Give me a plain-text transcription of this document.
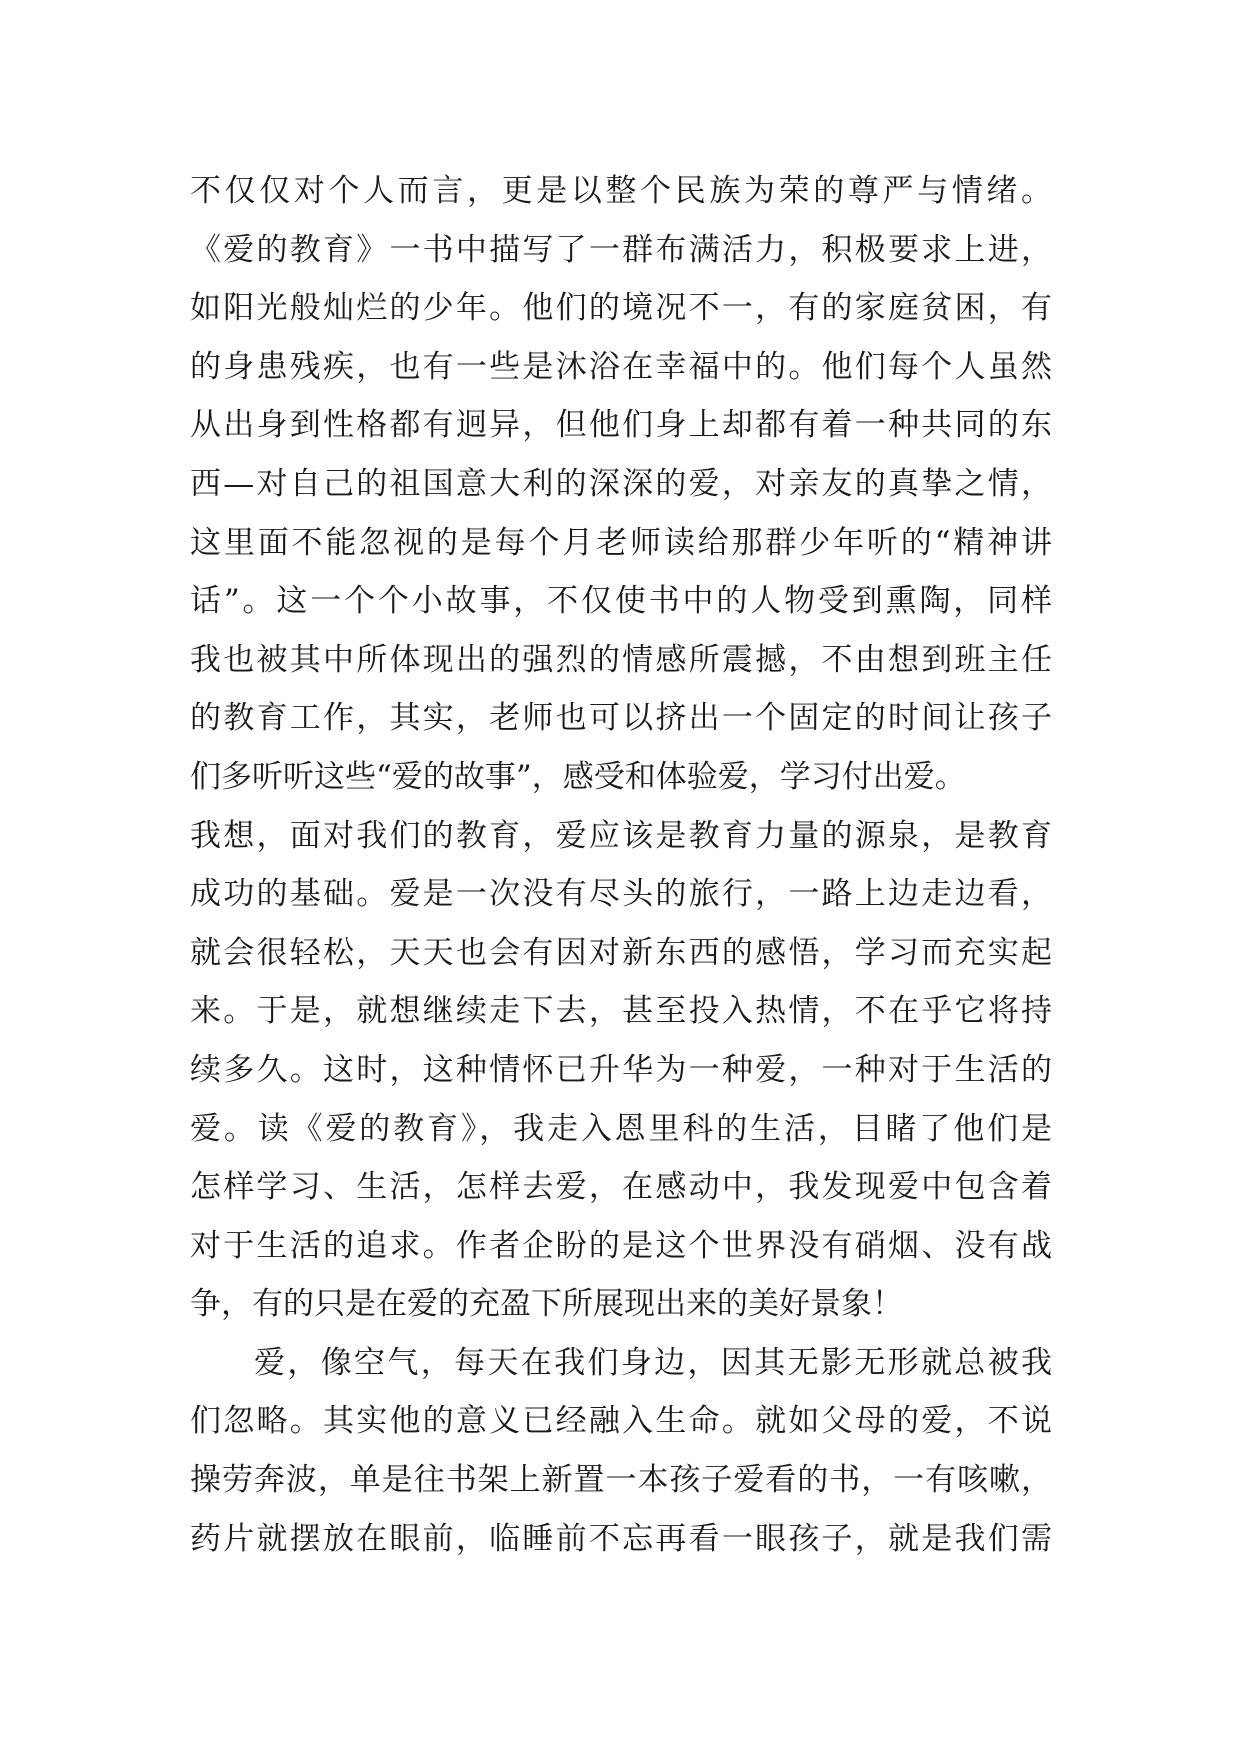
不仅仅对个人而言，更是以整个民族为荣的尊严与情绪。
《爱的教育》一书中描写了一群布满活力，积极要求上进，
如阳光般灿烂的少年。他们的境况不一，有的家庭贫困，有
的身患残疾，也有一些是沐浴在幸福中的。他们每个人虽然
从出身到性格都有迥异，但他们身上却都有着一种共同的东
西—对自己的祖国意大利的深深的爱，对亲友的真挚之情，
这里面不能忽视的是每个月老师读给那群少年听的“精神讲
话”。这一个个小故事，不仅使书中的人物受到熏陶，同样
我也被其中所体现出的强烈的情感所震撼，不由想到班主任
的教育工作，其实，老师也可以挤出一个固定的时间让孩子
们多听听这些“爱的故事”，感受和体验爱，学习付出爱。
我想，面对我们的教育，爱应该是教育力量的源泉，是教育
成功的基础。爱是一次没有尽头的旅行，一路上边走边看，
就会很轻松，天天也会有因对新东西的感悟，学习而充实起
来。于是，就想继续走下去，甚至投入热情，不在乎它将持
续多久。这时，这种情怀已升华为一种爱，一种对于生活的
爱。读《爱的教育》，我走入恩里科的生活，目睹了他们是
怎样学习、生活，怎样去爱，在感动中，我发现爱中包含着
对于生活的追求。作者企盼的是这个世界没有硝烟、没有战
争，有的只是在爱的充盈下所展现出来的美好景象！
爱，像空气，每天在我们身边，因其无影无形就总被我
们忽略。其实他的意义已经融入生命。就如父母的爱，不说
操劳奔波，单是往书架上新置一本孩子爱看的书，一有咳嗽，
药片就摆放在眼前，临睡前不忘再看一眼孩子，就是我们需
